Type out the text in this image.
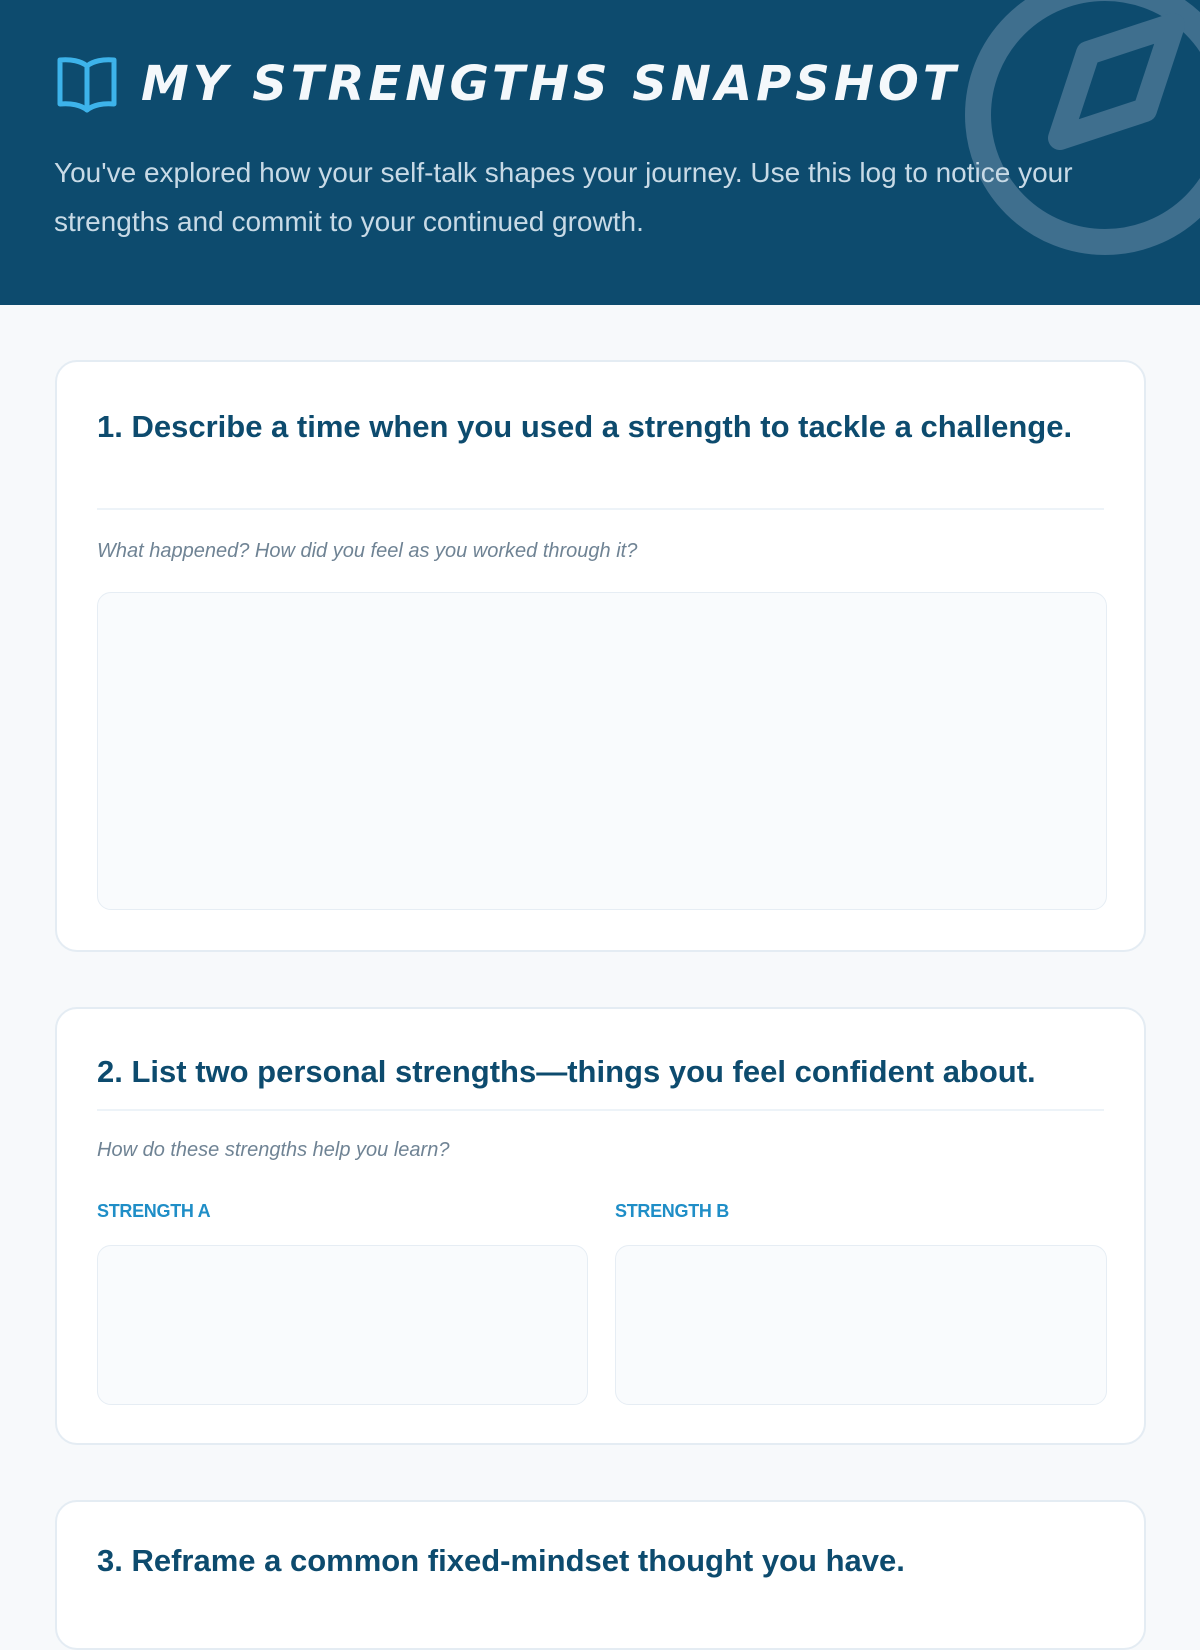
MY STRENGTHS SNAPSHOT

You've explored how your self-talk shapes your journey. Use this log to notice your strengths and commit to your continued growth.

1. Describe a time when you used a strength to tackle a challenge.

What happened? How did you feel as you worked through it?

2. List two personal strengths—things you feel confident about.

How do these strengths help you learn?

STRENGTH A	STRENGTH B

3. Reframe a common fixed-mindset thought you have.
